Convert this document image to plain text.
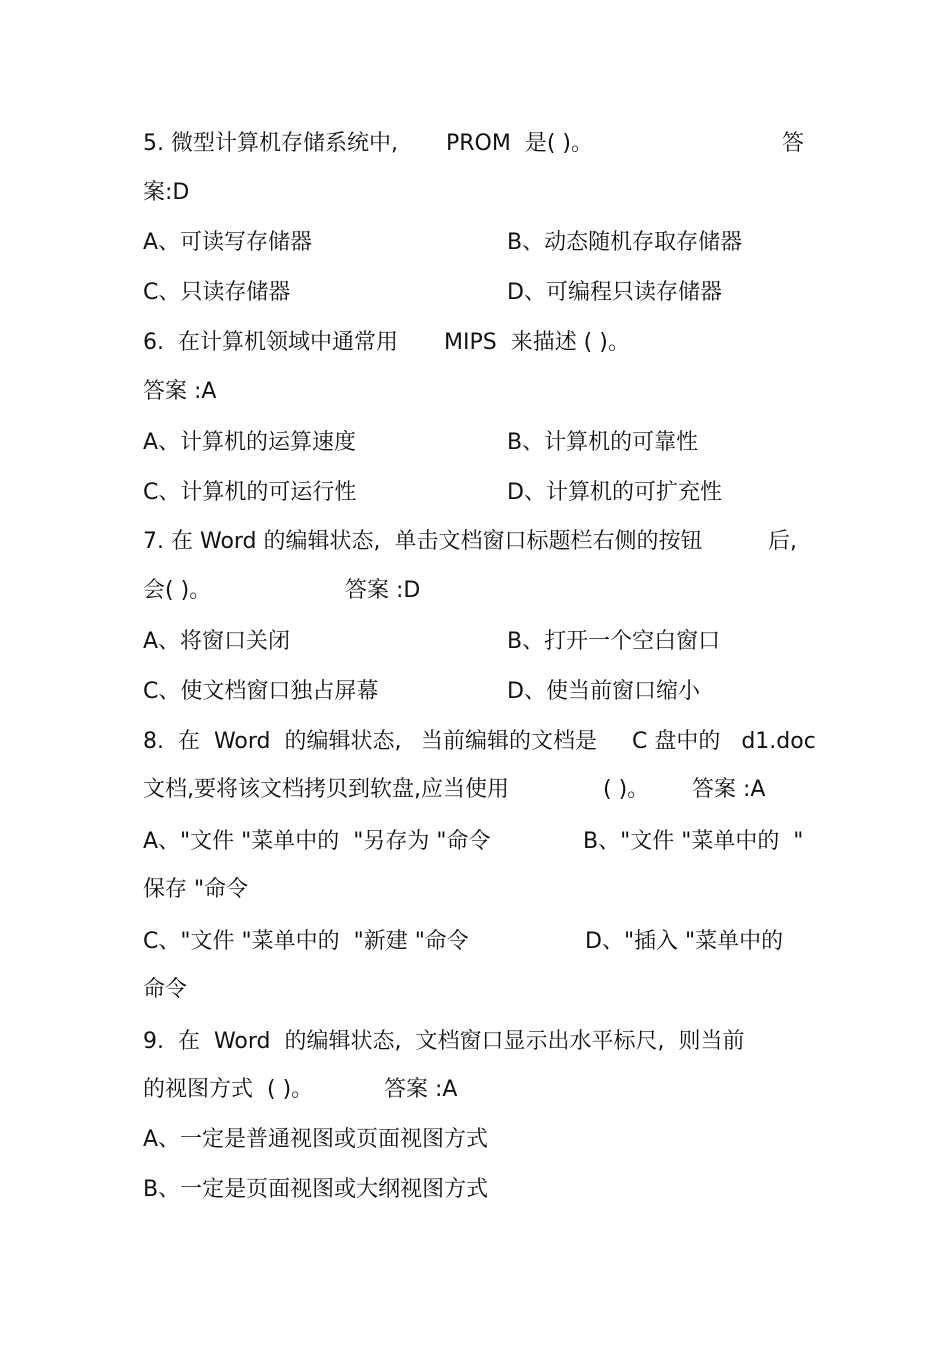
5. 微型计算机存储系统中, PROM  是( )。	答
案:D
A、可读写存储器	B、动态随机存取存储器
C、只读存储器	D、可编程只读存储器
6.  在计算机领域中通常用 MIPS  来描述 ( )。
答案 :A
A、计算机的运算速度	B、计算机的可靠性
C、计算机的可运行性	D、计算机的可扩充性
7. 在 Word 的编辑状态,  单击文档窗口标题栏右侧的按钮	后,
会( )。	答案 :D
A、将窗口关闭	B、打开一个空白窗口
C、使文档窗口独占屏幕	D、使当前窗口缩小
8.  在  Word  的编辑状态, 当前编辑的文档是 C 盘中的   d1.doc
文档,要将该文档拷贝到软盘,应当使用	( )。 答案 :A
A、"文件 "菜单中的  "另存为 "命令	B、"文件 "菜单中的  "
保存 "命令
C、"文件 "菜单中的  "新建 "命令	D、"插入 "菜单中的
命令
9.  在  Word  的编辑状态,  文档窗口显示出水平标尺,  则当前
的视图方式  ( )。	答案 :A
A、一定是普通视图或页面视图方式
B、一定是页面视图或大纲视图方式
